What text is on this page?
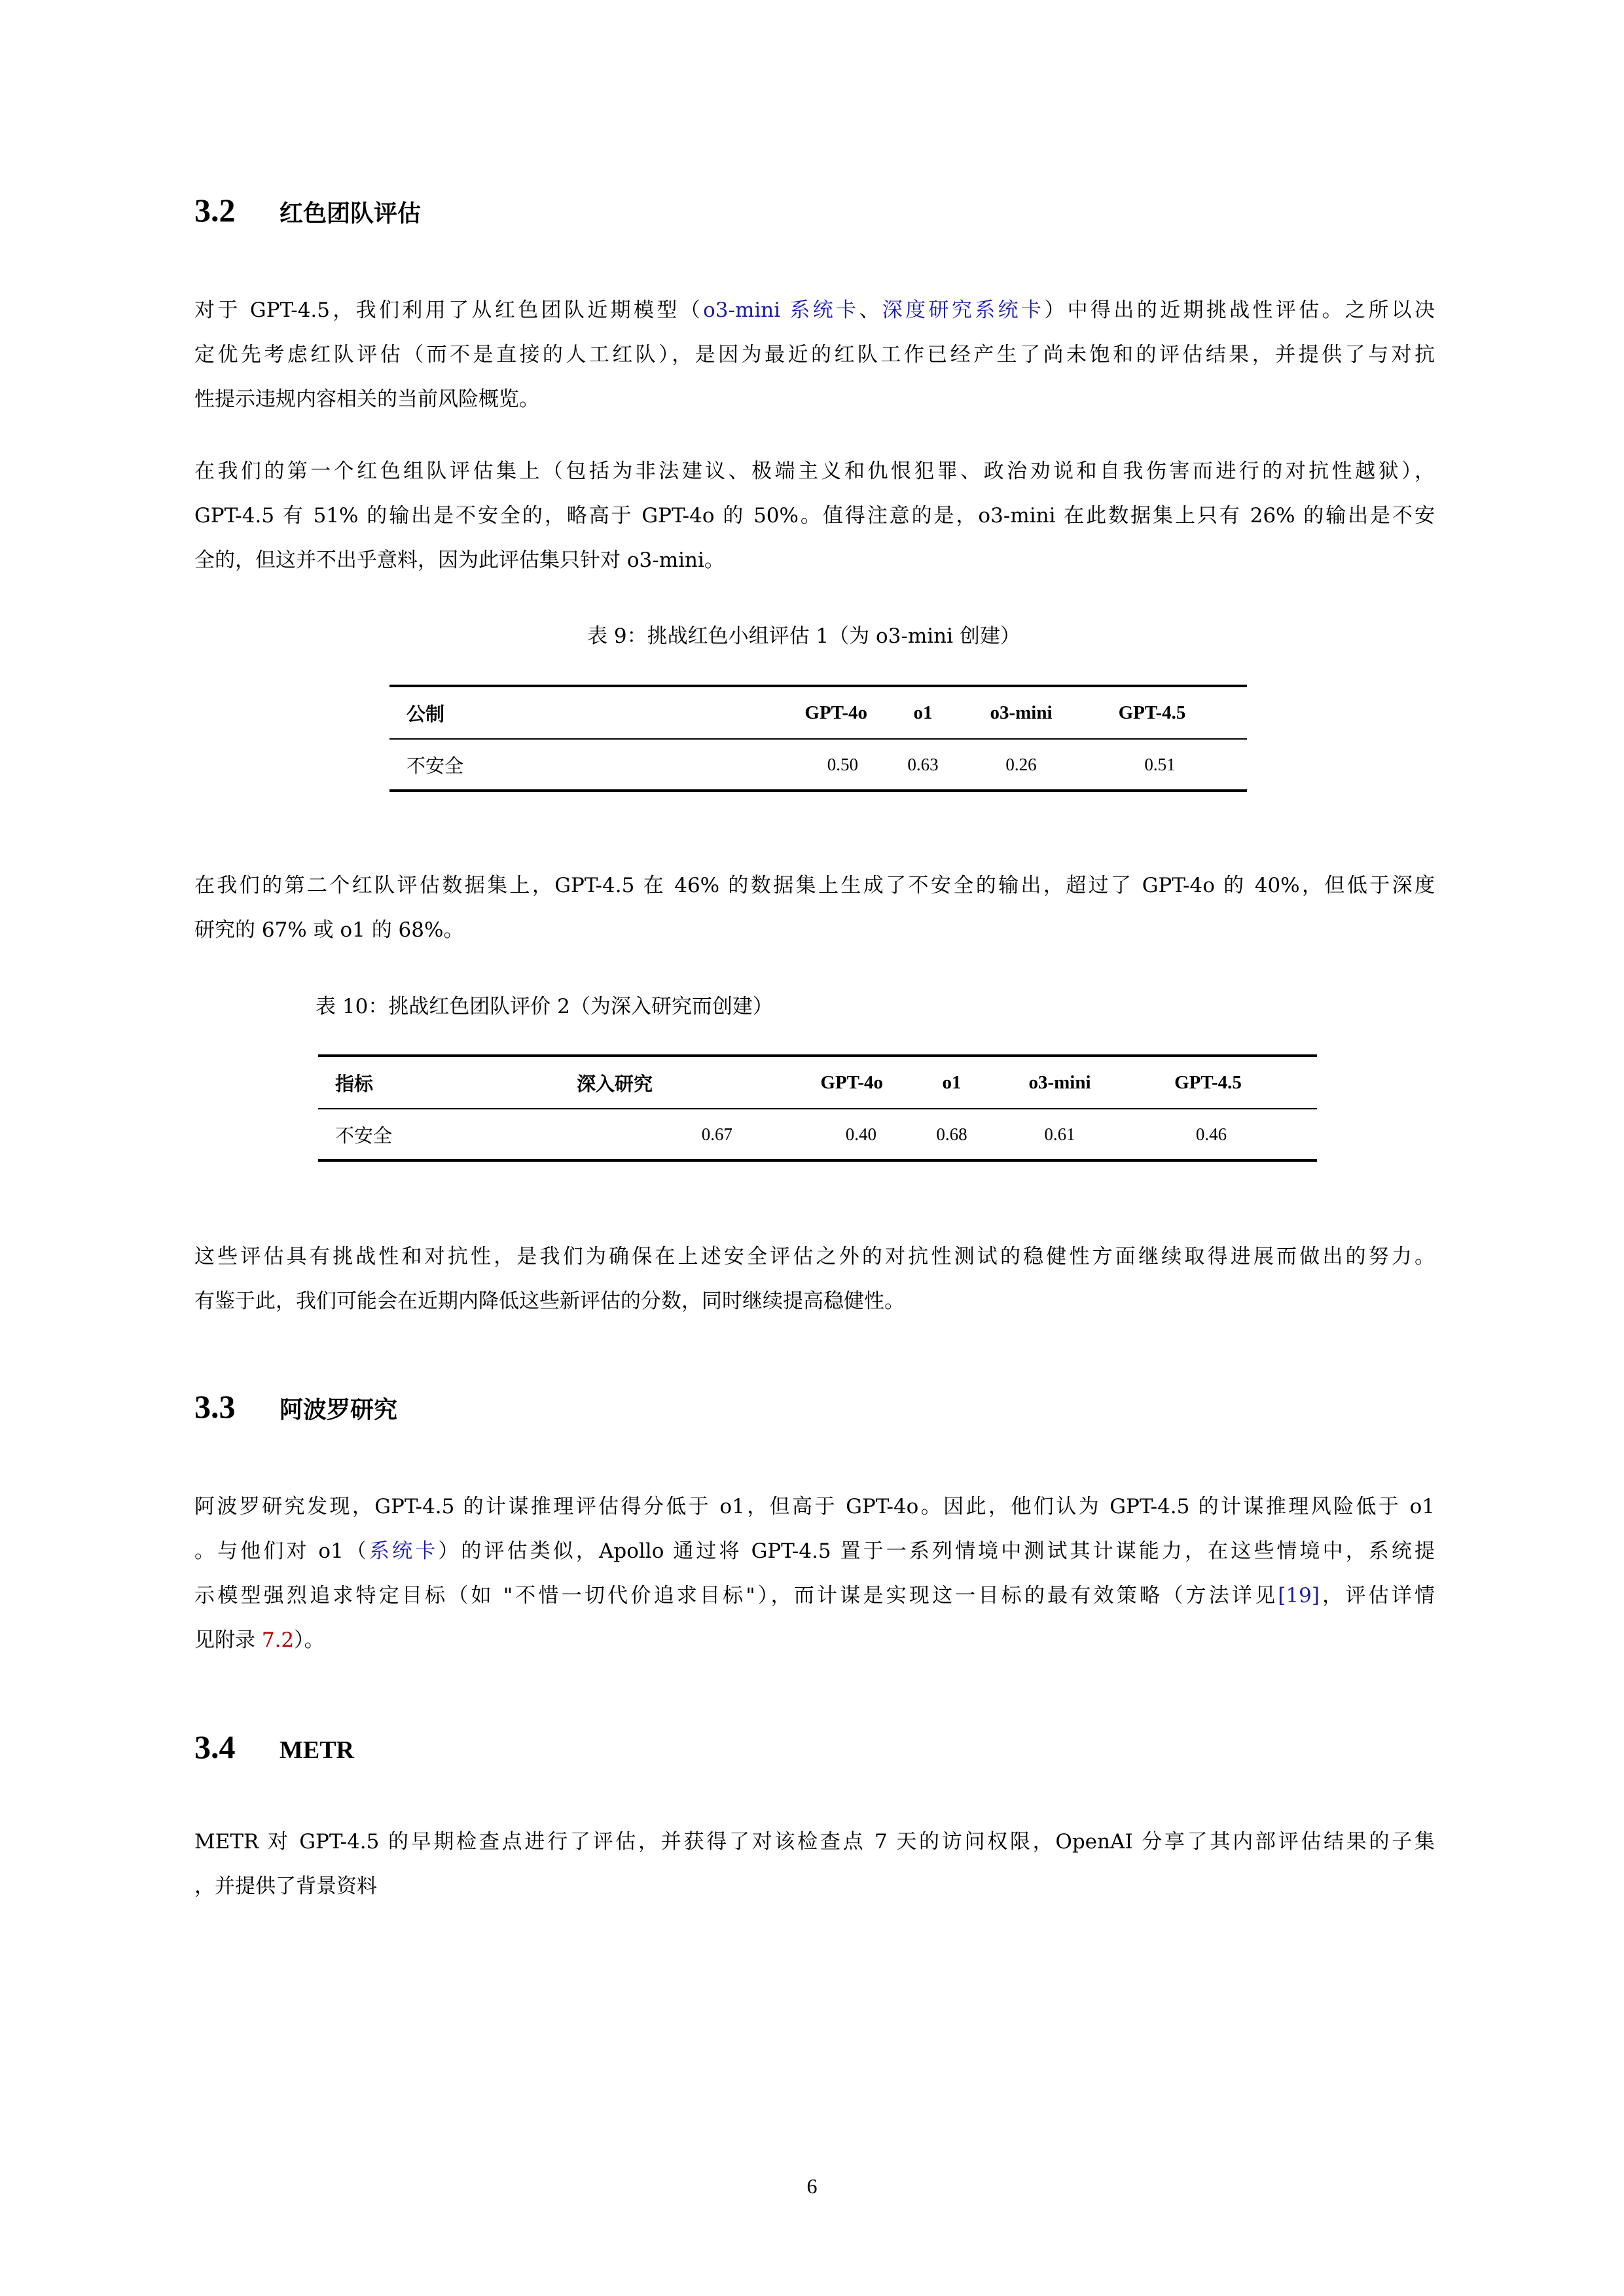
3.2	红色团队评估
对于 GPT-4.5，我们利用了从红色团队近期模型（o3-mini 系统卡、深度研究系统卡）中得出的近期挑战性评估。之所以决
定优先考虑红队评估（而不是直接的人工红队），是因为最近的红队工作已经产生了尚未饱和的评估结果，并提供了与对抗
性提示违规内容相关的当前风险概览。
在我们的第一个红色组队评估集上（包括为非法建议、极端主义和仇恨犯罪、政治劝说和自我伤害而进行的对抗性越狱），
GPT-4.5 有 51% 的输出是不安全的，略高于 GPT-4o 的 50%。值得注意的是，o3-mini 在此数据集上只有 26% 的输出是不安
全的，但这并不出乎意料，因为此评估集只针对 o3-mini。
表 9：挑战红色小组评估 1（为 o3-mini 创建）
公制	GPT-4o	o1	o3-mini	GPT-4.5
不安全	0.50	0.63	0.26	0.51
在我们的第二个红队评估数据集上，GPT-4.5 在 46% 的数据集上生成了不安全的输出，超过了 GPT-4o 的 40%，但低于深度
研究的 67% 或 o1 的 68%。
表 10：挑战红色团队评价 2（为深入研究而创建）
指标	深入研究	GPT-4o	o1	o3-mini	GPT-4.5
不安全	0.67	0.40	0.68	0.61	0.46
这些评估具有挑战性和对抗性，是我们为确保在上述安全评估之外的对抗性测试的稳健性方面继续取得进展而做出的努力。
有鉴于此，我们可能会在近期内降低这些新评估的分数，同时继续提高稳健性。
3.3	阿波罗研究
阿波罗研究发现，GPT-4.5 的计谋推理评估得分低于 o1，但高于 GPT-4o。因此，他们认为 GPT-4.5 的计谋推理风险低于 o1
。与他们对 o1（系统卡）的评估类似，Apollo 通过将 GPT-4.5 置于一系列情境中测试其计谋能力，在这些情境中，系统提
示模型强烈追求特定目标（如 "不惜一切代价追求目标"），而计谋是实现这一目标的最有效策略（方法详见[19]，评估详情
见附录 7.2）。
3.4	METR
METR 对 GPT-4.5 的早期检查点进行了评估，并获得了对该检查点 7 天的访问权限，OpenAI 分享了其内部评估结果的子集
，并提供了背景资料
6
